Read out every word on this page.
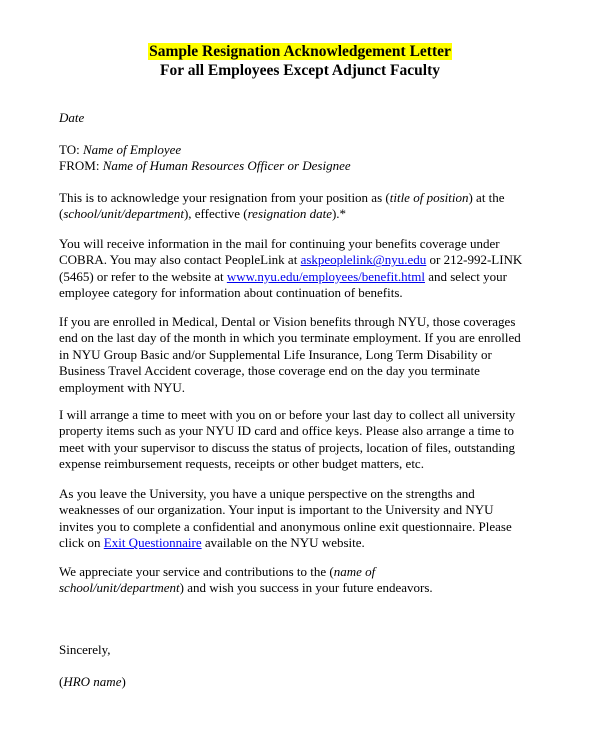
Sample Resignation Acknowledgement Letter
For all Employees Except Adjunct Faculty
Date
TO: Name of Employee
FROM: Name of Human Resources Officer or Designee
This is to acknowledge your resignation from your position as (title of position) at the
(school/unit/department), effective (resignation date).*
You will receive information in the mail for continuing your benefits coverage under
COBRA. You may also contact PeopleLink at askpeoplelink@nyu.edu or 212-992-LINK
(5465) or refer to the website at www.nyu.edu/employees/benefit.html and select your
employee category for information about continuation of benefits.
If you are enrolled in Medical, Dental or Vision benefits through NYU, those coverages
end on the last day of the month in which you terminate employment. If you are enrolled
in NYU Group Basic and/or Supplemental Life Insurance, Long Term Disability or
Business Travel Accident coverage, those coverage end on the day you terminate
employment with NYU.
I will arrange a time to meet with you on or before your last day to collect all university
property items such as your NYU ID card and office keys. Please also arrange a time to
meet with your supervisor to discuss the status of projects, location of files, outstanding
expense reimbursement requests, receipts or other budget matters, etc.
As you leave the University, you have a unique perspective on the strengths and
weaknesses of our organization. Your input is important to the University and NYU
invites you to complete a confidential and anonymous online exit questionnaire. Please
click on Exit Questionnaire available on the NYU website.
We appreciate your service and contributions to the (name of
school/unit/department) and wish you success in your future endeavors.
Sincerely,
(HRO name)
